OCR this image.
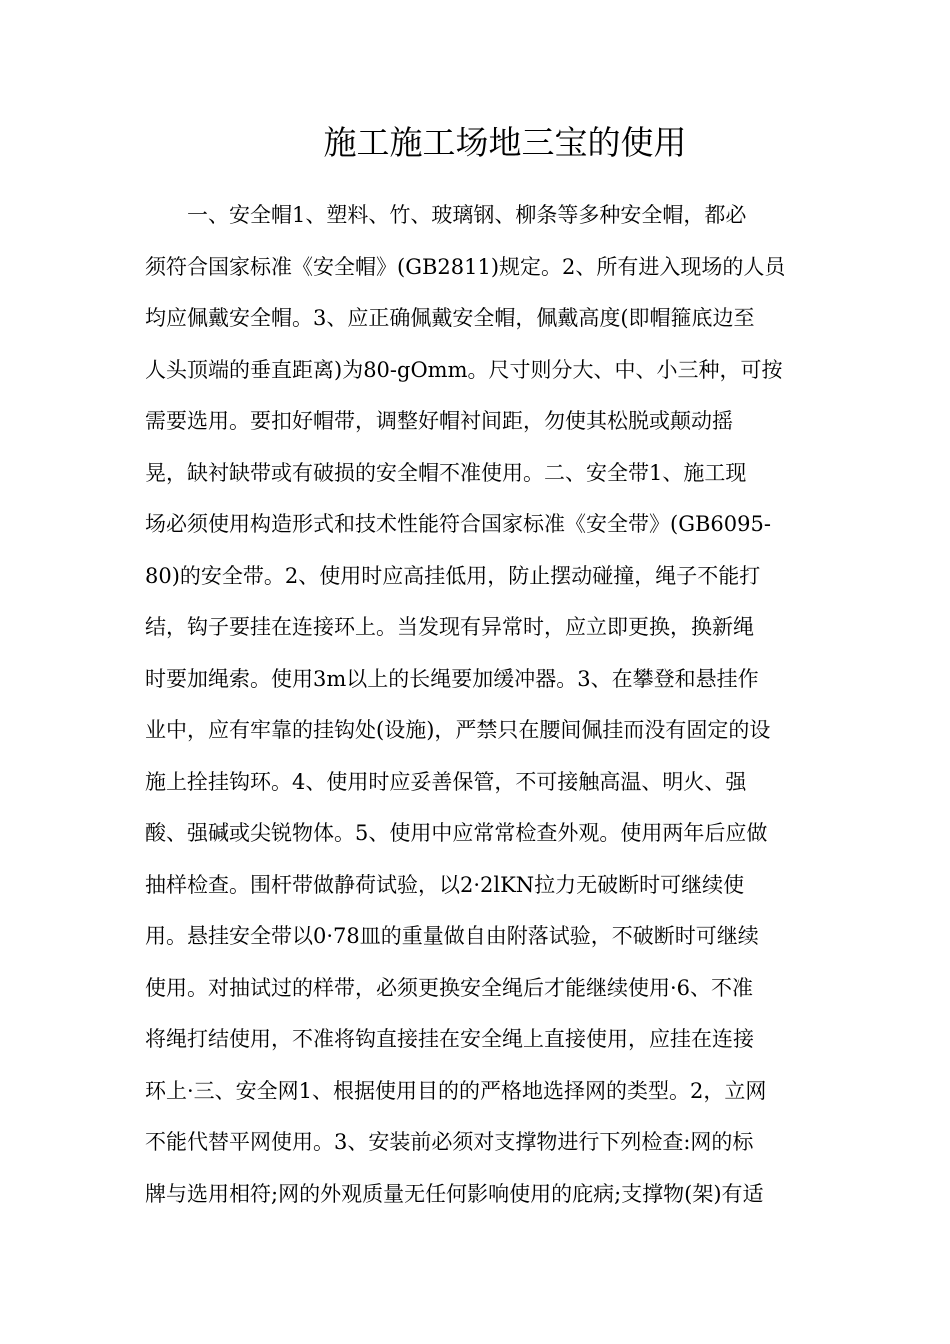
施工施工场地三宝的使用
一、安全帽1、塑料、竹、玻璃钢、柳条等多种安全帽，都必
须符合国家标准《安全帽》(GB2811)规定。2、所有进入现场的人员
均应佩戴安全帽。3、应正确佩戴安全帽，佩戴高度(即帽箍底边至
人头顶端的垂直距离)为80-gOmm。尺寸则分大、中、小三种，可按
需要选用。要扣好帽带，调整好帽衬间距，勿使其松脱或颠动摇
晃，缺衬缺带或有破损的安全帽不准使用。二、安全带1、施工现
场必须使用构造形式和技术性能符合国家标准《安全带》(GB6095-
80)的安全带。2、使用时应高挂低用，防止摆动碰撞，绳子不能打
结，钩子要挂在连接环上。当发现有异常时，应立即更换，换新绳
时要加绳索。使用3m以上的长绳要加缓冲器。3、在攀登和悬挂作
业中，应有牢靠的挂钩处(设施)，严禁只在腰间佩挂而没有固定的设
施上拴挂钩环。4、使用时应妥善保管，不可接触高温、明火、强
酸、强碱或尖锐物体。5、使用中应常常检查外观。使用两年后应做
抽样检查。围杆带做静荷试验，以2·2lKN拉力无破断时可继续使
用。悬挂安全带以0·78皿的重量做自由附落试验，不破断时可继续
使用。对抽试过的样带，必须更换安全绳后才能继续使用·6、不准
将绳打结使用，不准将钩直接挂在安全绳上直接使用，应挂在连接
环上·三、安全网1、根据使用目的的严格地选择网的类型。2，立网
不能代替平网使用。3、安装前必须对支撑物进行下列检查:网的标
牌与选用相符;网的外观质量无任何影响使用的庇病;支撑物(架)有适
